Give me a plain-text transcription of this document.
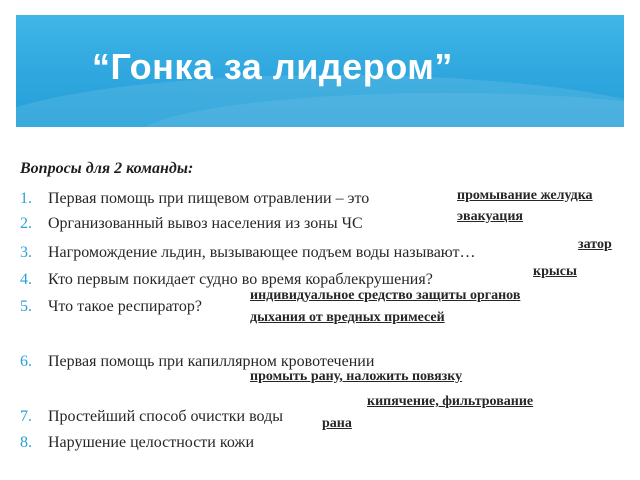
“Гонка за лидером”

Вопросы для 2 команды:

1. Первая помощь при пищевом отравлении – это
2. Организованный вывоз населения из зоны ЧС
3. Нагромождение льдин, вызывающее подъем воды называют…
4. Кто первым покидает судно во время кораблекрушения?
5. Что такое респиратор?
6. Первая помощь при капиллярном кровотечении
7. Простейший способ очистки воды
8. Нарушение целостности кожи
промывание желудка
эвакуация
затор
крысы
индивидуальное средство защиты органов
дыхания от вредных примесей
промыть рану, наложить повязку
кипячение, фильтрование
рана
